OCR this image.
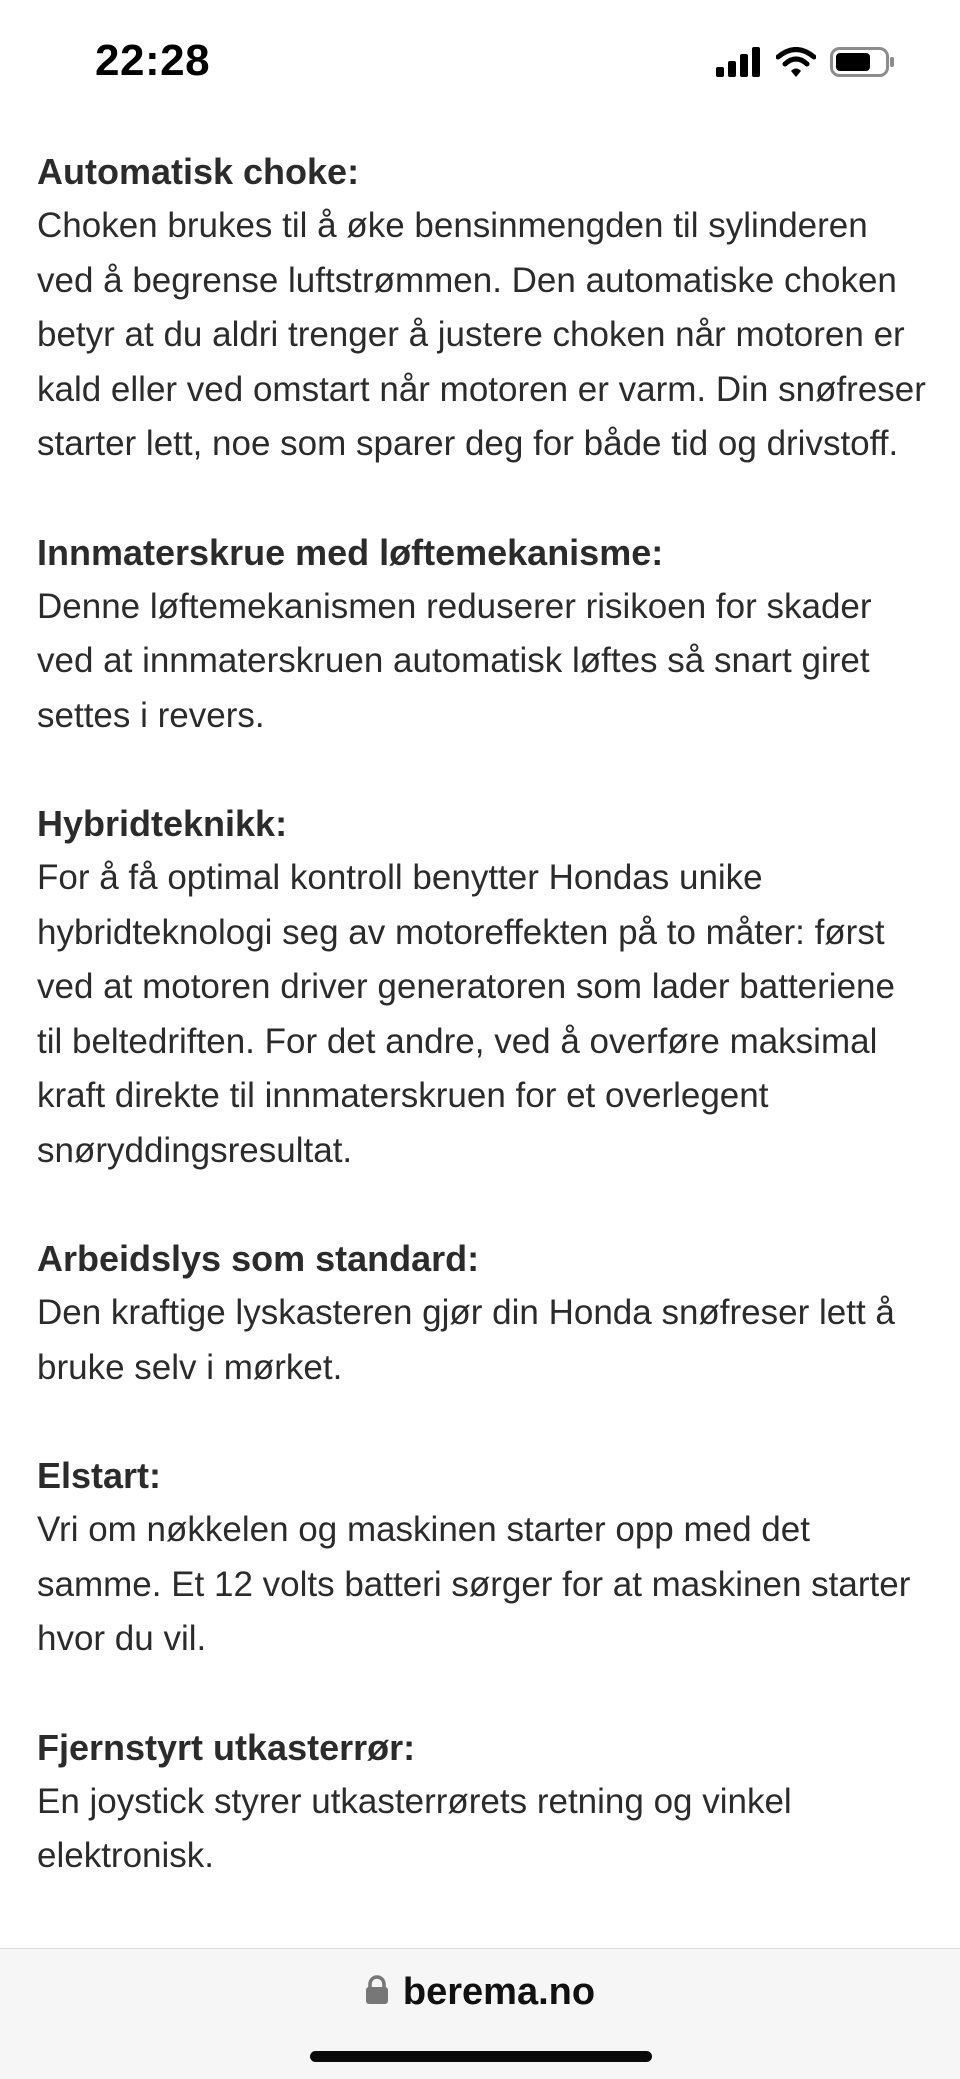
22:28

Automatisk choke:

Choken brukes til å øke bensinmengden til sylinderen ved å begrense luftstrømmen. Den automatiske choken betyr at du aldri trenger å justere choken når motoren er kald eller ved omstart når motoren er varm. Din snøfreser starter lett, noe som sparer deg for både tid og drivstoff.

Innmaterskrue med løftemekanisme:

Denne løftemekanismen reduserer risikoen for skader ved at innmaterskruen automatisk løftes så snart giret settes i revers.

Hybridteknikk:

For å få optimal kontroll benytter Hondas unike hybridteknologi seg av motoreffekten på to måter: først ved at motoren driver generatoren som lader batteriene til beltedriften. For det andre, ved å overføre maksimal kraft direkte til innmaterskruen for et overlegent snøryddingsresultat.

Arbeidslys som standard:

Den kraftige lyskasteren gjør din Honda snøfreser lett å bruke selv i mørket.

Elstart:

Vri om nøkkelen og maskinen starter opp med det samme. Et 12 volts batteri sørger for at maskinen starter hvor du vil.

Fjernstyrt utkasterrør:

En joystick styrer utkasterrørets retning og vinkel elektronisk.

berema.no
